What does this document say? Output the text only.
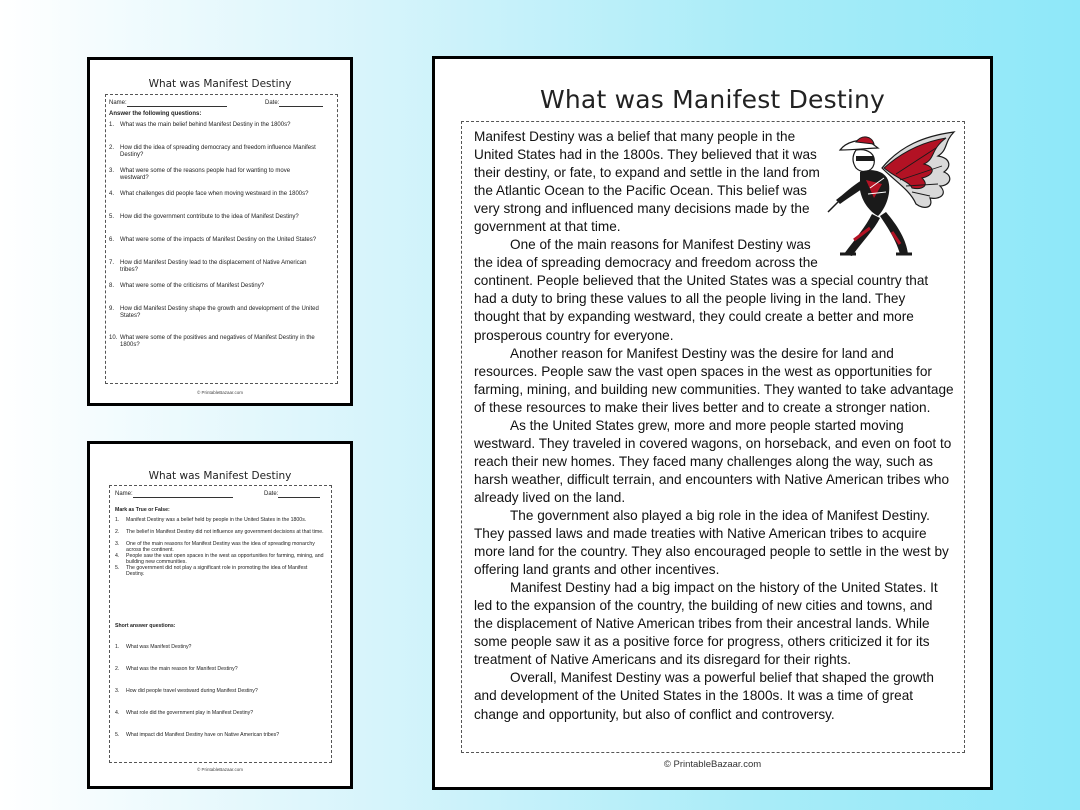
What was Manifest Destiny
Name:	Date:
Answer the following questions:
1. What was the main belief behind Manifest Destiny in the 1800s?
2. How did the idea of spreading democracy and freedom influence Manifest Destiny?
3. What were some of the reasons people had for wanting to move westward?
4. What challenges did people face when moving westward in the 1800s?
5. How did the government contribute to the idea of Manifest Destiny?
6. What were some of the impacts of Manifest Destiny on the United States?
7. How did Manifest Destiny lead to the displacement of Native American tribes?
8. What were some of the criticisms of Manifest Destiny?
9. How did Manifest Destiny shape the growth and development of the United States?
10. What were some of the positives and negatives of Manifest Destiny in the 1800s?
© PrintableBazaar.com
What was Manifest Destiny
Name:	Date:
Mark as True or False:
1. Manifest Destiny was a belief held by people in the United States in the 1800s.
2. The belief in Manifest Destiny did not influence any government decisions at that time.
3. One of the main reasons for Manifest Destiny was the idea of spreading monarchy across the continent.
4. People saw the vast open spaces in the west as opportunities for farming, mining, and building new communities.
5. The government did not play a significant role in promoting the idea of Manifest Destiny.
Short answer questions:
1. What was Manifest Destiny?
2. What was the main reason for Manifest Destiny?
3. How did people travel westward during Manifest Destiny?
4. What role did the government play in Manifest Destiny?
5. What impact did Manifest Destiny have on Native American tribes?
© PrintableBazaar.com
What was Manifest Destiny

Manifest Destiny was a belief that many people in the United States had in the 1800s. They believed that it was their destiny, or fate, to expand and settle in the land from the Atlantic Ocean to the Pacific Ocean. This belief was very strong and influenced many decisions made by the government at that time.

One of the main reasons for Manifest Destiny was the idea of spreading democracy and freedom across the continent. People believed that the United States was a special country that had a duty to bring these values to all the people living in the land. They thought that by expanding westward, they could create a better and more prosperous country for everyone.

Another reason for Manifest Destiny was the desire for land and resources. People saw the vast open spaces in the west as opportunities for farming, mining, and building new communities. They wanted to take advantage of these resources to make their lives better and to create a stronger nation.

As the United States grew, more and more people started moving westward. They traveled in covered wagons, on horseback, and even on foot to reach their new homes. They faced many challenges along the way, such as harsh weather, difficult terrain, and encounters with Native American tribes who already lived on the land.

The government also played a big role in the idea of Manifest Destiny. They passed laws and made treaties with Native American tribes to acquire more land for the country. They also encouraged people to settle in the west by offering land grants and other incentives.

Manifest Destiny had a big impact on the history of the United States. It led to the expansion of the country, the building of new cities and towns, and the displacement of Native American tribes from their ancestral lands. While some people saw it as a positive force for progress, others criticized it for its treatment of Native Americans and its disregard for their rights.

Overall, Manifest Destiny was a powerful belief that shaped the growth and development of the United States in the 1800s. It was a time of great change and opportunity, but also of conflict and controversy.

© PrintableBazaar.com
